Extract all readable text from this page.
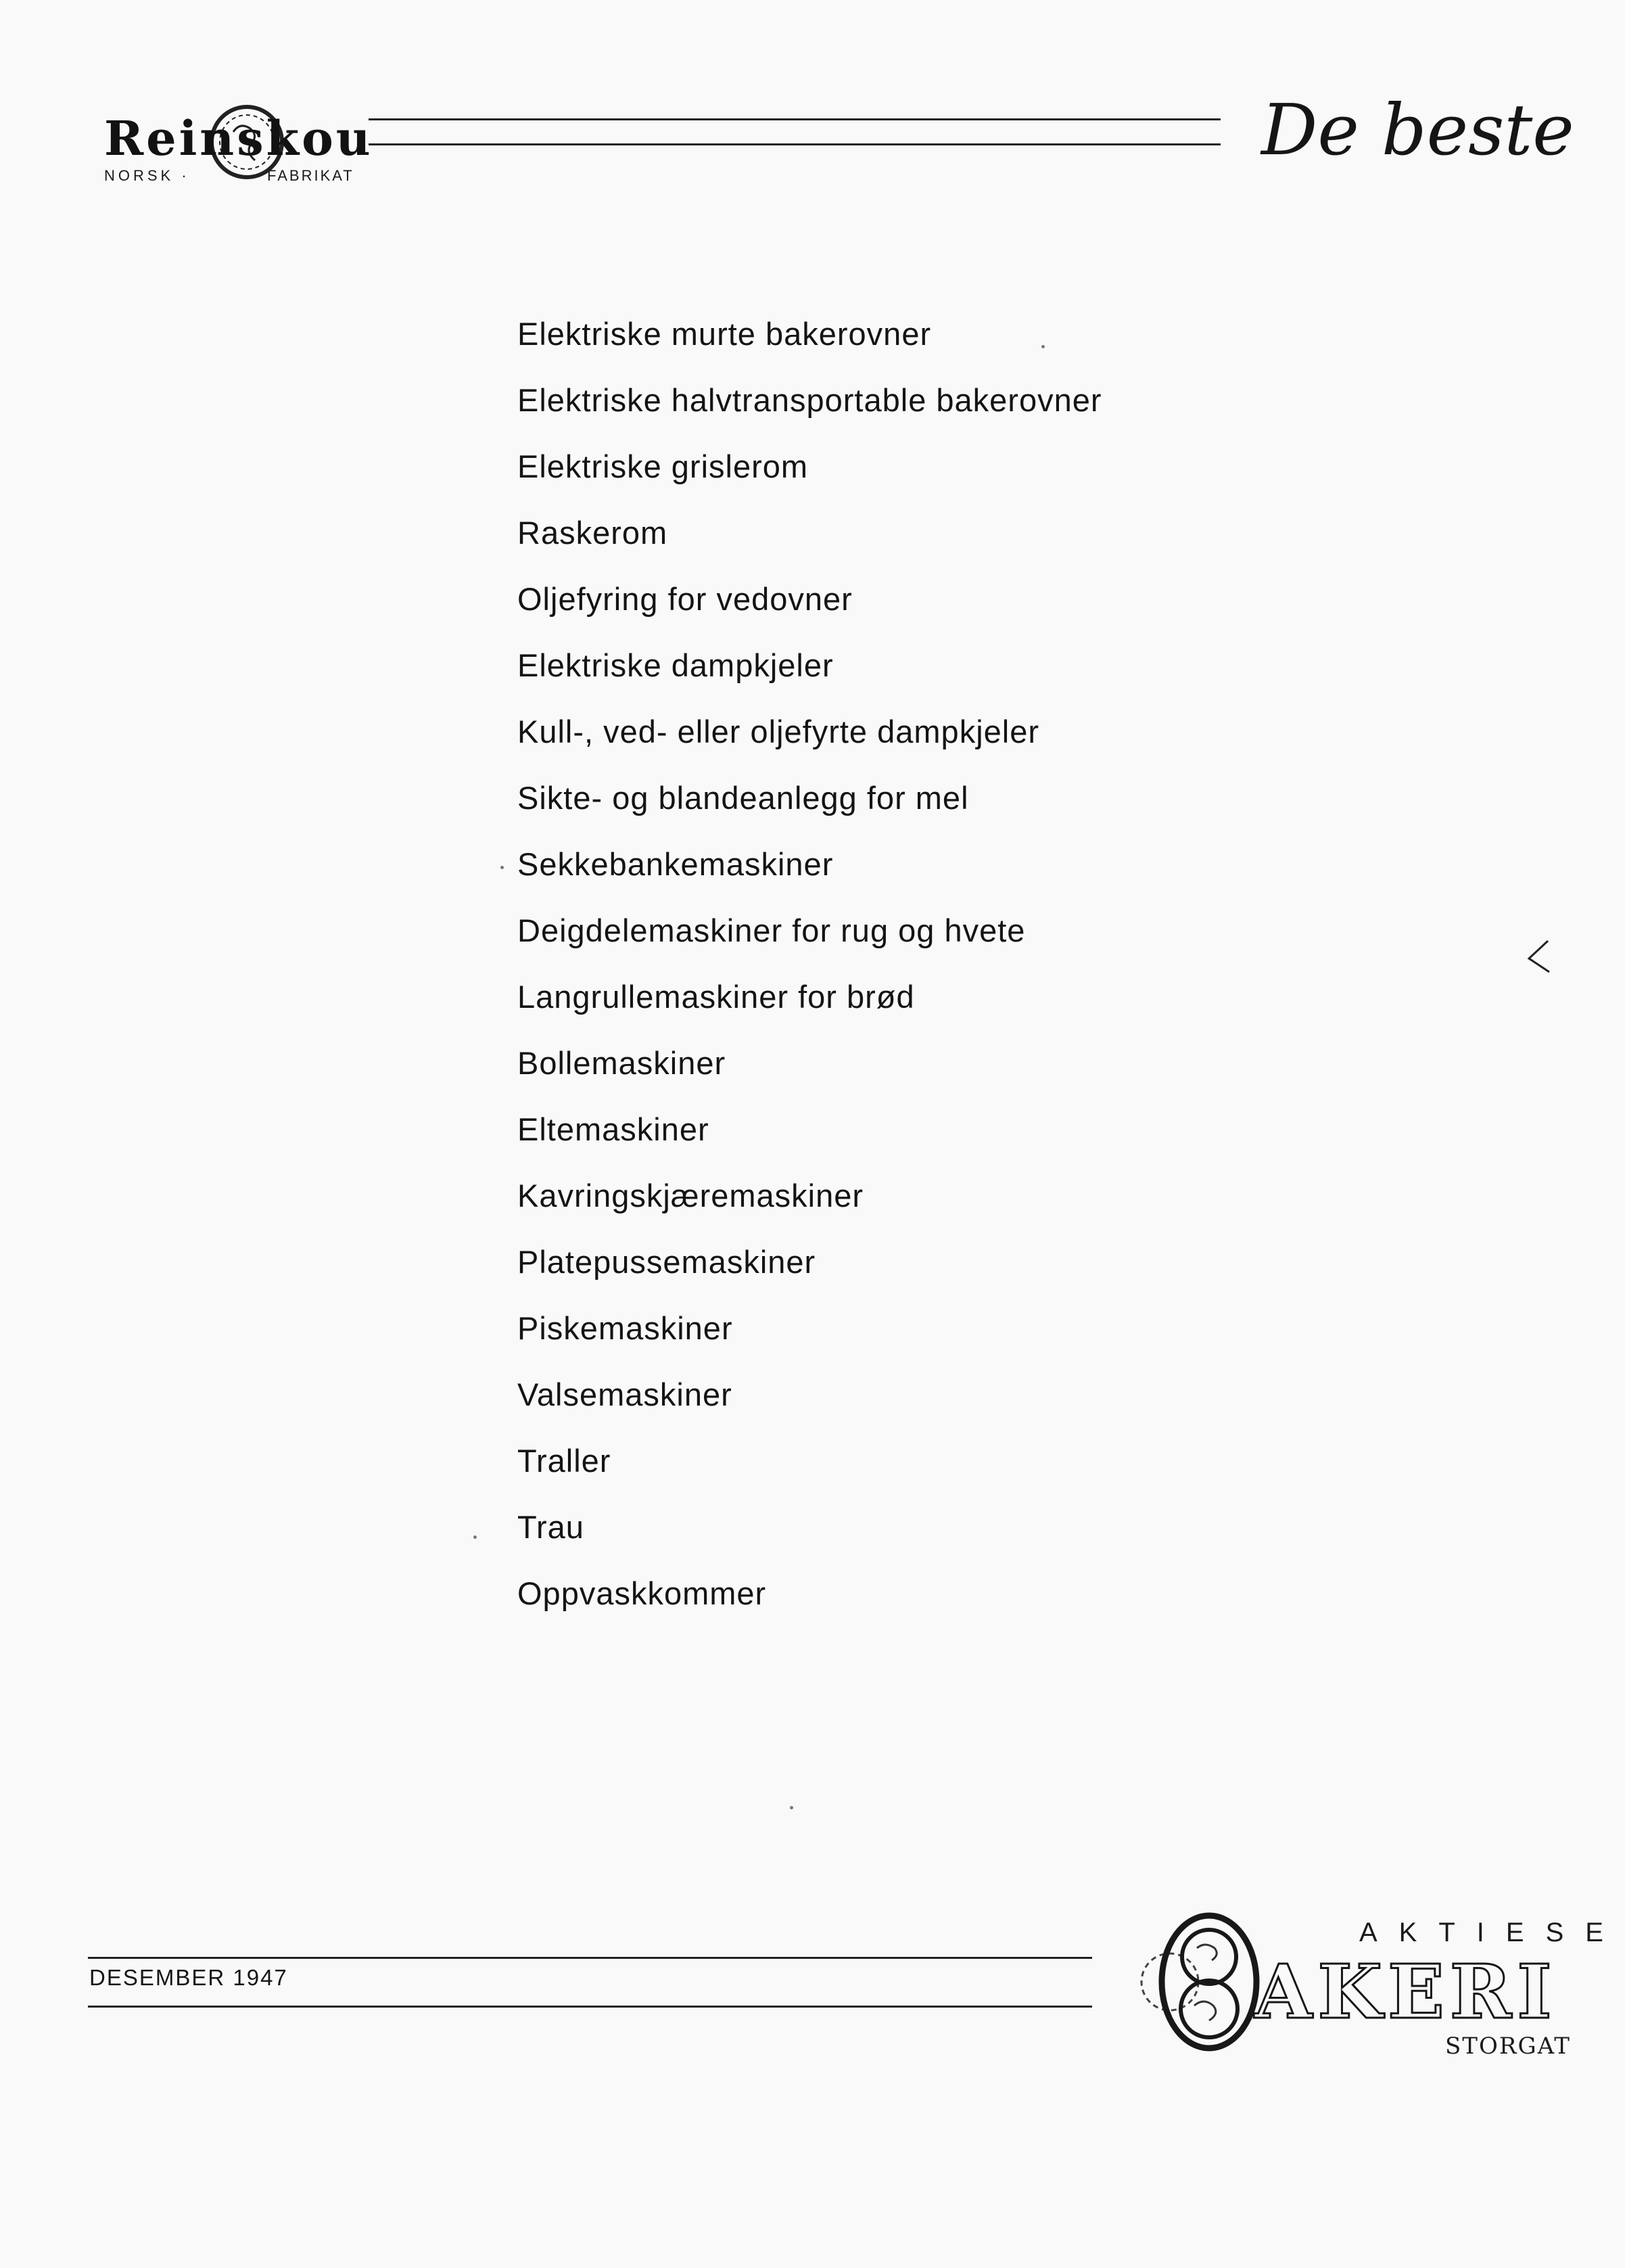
Reinskou
NORSK ·	FABRIKAT
De beste
Elektriske murte bakerovner
Elektriske halvtransportable bakerovner
Elektriske grislerom
Raskerom
Oljefyring for vedovner
Elektriske dampkjeler
Kull-, ved- eller oljefyrte dampkjeler
Sikte- og blandeanlegg for mel
Sekkebankemaskiner
Deigdelemaskiner for rug og hvete
Langrullemaskiner for brød
Bollemaskiner
Eltemaskiner
Kavringskjæremaskiner
Platepussemaskiner
Piskemaskiner
Valsemaskiner
Traller
Trau
Oppvaskkommer
DESEMBER 1947
AKTIESE
AKERI
STORGAT
